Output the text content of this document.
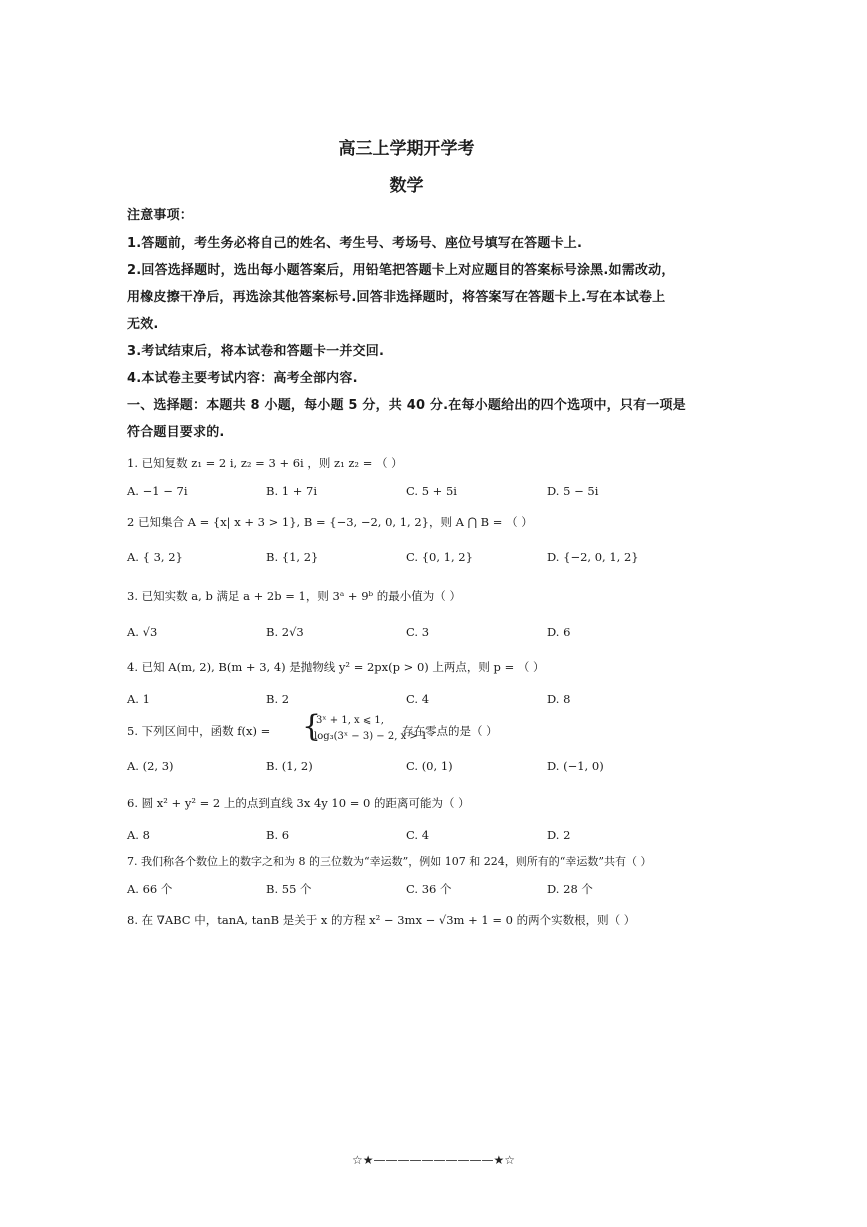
高三上学期开学考
数学
注意事项：
1.答题前，考生务必将自己的姓名、考生号、考场号、座位号填写在答题卡上.
2.回答选择题时，选出每小题答案后，用铅笔把答题卡上对应题目的答案标号涂黑.如需改动，
用橡皮擦干净后，再选涂其他答案标号.回答非选择题时，将答案写在答题卡上.写在本试卷上
无效.
3.考试结束后，将本试卷和答题卡一并交回.
4.本试卷主要考试内容：高考全部内容.
一、选择题：本题共 8 小题，每小题 5 分，共 40 分.在每小题给出的四个选项中，只有一项是
符合题目要求的.
1. 已知复数 z₁ = 2 i, z₂ = 3 + 6i ，则 z₁ z₂ = （ ）
A. −1 − 7i	B. 1 + 7i	C. 5 + 5i	D. 5 − 5i
2 已知集合 A = {x| x + 3 > 1}, B = {−3, −2, 0, 1, 2}，则 A ⋂ B = （ ）
A. { 3, 2}	B. {1, 2}	C. {0, 1, 2}	D. {−2, 0, 1, 2}
3. 已知实数 a, b 满足 a + 2b = 1，则 3ᵃ + 9ᵇ 的最小值为（ ）
A. √3	B. 2√3	C. 3	D. 6
4. 已知 A(m, 2), B(m + 3, 4) 是抛物线 y² = 2px(p > 0) 上两点，则 p = （ ）
A. 1	B. 2	C. 4	D. 8
5. 下列区间中，函数 f(x) = {
3ˣ + 1, x ⩽ 1,
log₃(3ˣ − 3) − 2, x > 1
存在零点的是（ ）
A. (2, 3)	B. (1, 2)	C. (0, 1)	D. (−1, 0)
6. 圆 x² + y² = 2 上的点到直线 3x 4y 10 = 0 的距离可能为（ ）
A. 8	B. 6	C. 4	D. 2
7. 我们称各个数位上的数字之和为 8 的三位数为“幸运数”，例如 107 和 224，则所有的“幸运数”共有（ ）
A. 66 个	B. 55 个	C. 36 个	D. 28 个
8. 在 ∇ABC 中，tanA, tanB 是关于 x 的方程 x² − 3mx − √3m + 1 = 0 的两个实数根，则（ ）
☆★——————————★☆
